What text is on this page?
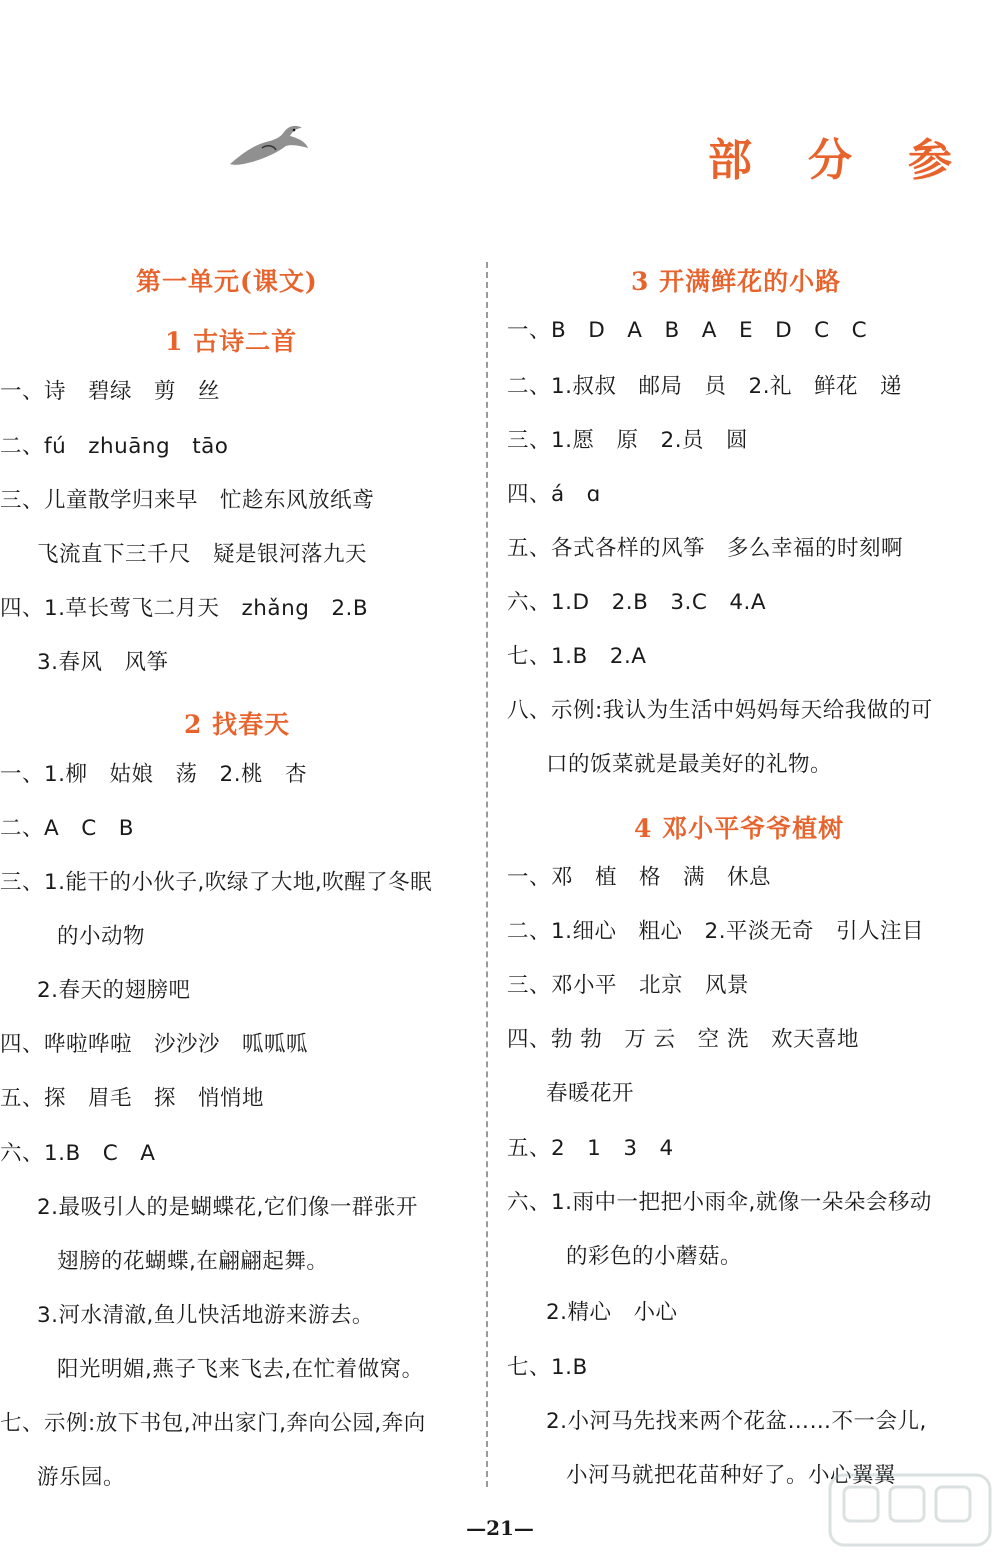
部	分	参
第一单元(课文)
1 古诗二首
一、诗   碧绿   剪   丝
二、fú   zhuāng   tāo
三、儿童散学归来早   忙趁东风放纸鸢
飞流直下三千尺   疑是银河落九天
四、1.草长莺飞二月天   zhǎng   2.B
3.春风   风筝
2 找春天
一、1.柳   姑娘   荡   2.桃   杏
二、A   C   B
三、1.能干的小伙子,吹绿了大地,吹醒了冬眠
的小动物
2.春天的翅膀吧
四、哗啦哗啦   沙沙沙   呱呱呱
五、探   眉毛   探   悄悄地
六、1.B   C   A
2.最吸引人的是蝴蝶花,它们像一群张开
翅膀的花蝴蝶,在翩翩起舞。
3.河水清澈,鱼儿快活地游来游去。
阳光明媚,燕子飞来飞去,在忙着做窝。
七、示例:放下书包,冲出家门,奔向公园,奔向
游乐园。
3 开满鲜花的小路
一、B   D   A   B   A   E   D   C   C
二、1.叔叔   邮局   员   2.礼   鲜花   递
三、1.愿   原   2.员   圆
四、á   ɑ
五、各式各样的风筝   多么幸福的时刻啊
六、1.D   2.B   3.C   4.A
七、1.B   2.A
八、示例:我认为生活中妈妈每天给我做的可
口的饭菜就是最美好的礼物。
4 邓小平爷爷植树
一、邓   植   格   满   休息
二、1.细心   粗心   2.平淡无奇   引人注目
三、邓小平   北京   风景
四、勃 勃   万 云   空 洗   欢天喜地
春暖花开
五、2   1   3   4
六、1.雨中一把把小雨伞,就像一朵朵会移动
的彩色的小蘑菇。
2.精心   小心
七、1.B
2.小河马先找来两个花盆……不一会儿,
小河马就把花苗种好了。小心翼翼
—21—
